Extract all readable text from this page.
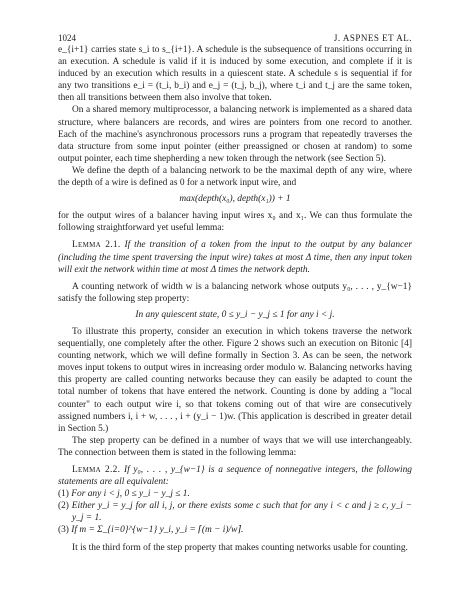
1024	J. ASPNES ET AL.

e_{i+1} carries state s_i to s_{i+1}. A schedule is the subsequence of transitions occurring in an execution. A schedule is valid if it is induced by some execution, and complete if it is induced by an execution which results in a quiescent state. A schedule s is sequential if for any two transitions e_i = (t_i, b_i) and e_j = (t_j, b_j), where t_i and t_j are the same token, then all transitions between them also involve that token.

On a shared memory multiprocessor, a balancing network is implemented as a shared data structure, where balancers are records, and wires are pointers from one record to another. Each of the machine's asynchronous processors runs a program that repeatedly traverses the data structure from some input pointer (either preassigned or chosen at random) to some output pointer, each time shepherding a new token through the network (see Section 5).

We define the depth of a balancing network to be the maximal depth of any wire, where the depth of a wire is defined as 0 for a network input wire, and

max(depth(x₀), depth(x₁)) + 1

for the output wires of a balancer having input wires x₀ and x₁. We can thus formulate the following straightforward yet useful lemma:

Lemma 2.1. If the transition of a token from the input to the output by any balancer (including the time spent traversing the input wire) takes at most Δ time, then any input token will exit the network within time at most Δ times the network depth.

A counting network of width w is a balancing network whose outputs y₀, . . . , y_{w−1} satisfy the following step property:

In any quiescent state, 0 ≤ y_i − y_j ≤ 1 for any i < j.

To illustrate this property, consider an execution in which tokens traverse the network sequentially, one completely after the other. Figure 2 shows such an execution on Bitonic [4] counting network, which we will define formally in Section 3. As can be seen, the network moves input tokens to output wires in increasing order modulo w. Balancing networks having this property are called counting networks because they can easily be adapted to count the total number of tokens that have entered the network. Counting is done by adding a "local counter" to each output wire i, so that tokens coming out of that wire are consecutively assigned numbers i, i + w, . . . , i + (y_i − 1)w. (This application is described in greater detail in Section 5.)

The step property can be defined in a number of ways that we will use interchangeably. The connection between them is stated in the following lemma:

Lemma 2.2. If y₀, . . . , y_{w−1} is a sequence of nonnegative integers, the following statements are all equivalent:

(1) For any i < j, 0 ≤ y_i − y_j ≤ 1.

(2) Either y_i = y_j for all i, j, or there exists some c such that for any i < c and j ≥ c, y_i − y_j = 1.

(3) If m = Σ_{i=0}^{w−1} y_i, y_i = ⌈(m − i)/w⌉.

It is the third form of the step property that makes counting networks usable for counting.
